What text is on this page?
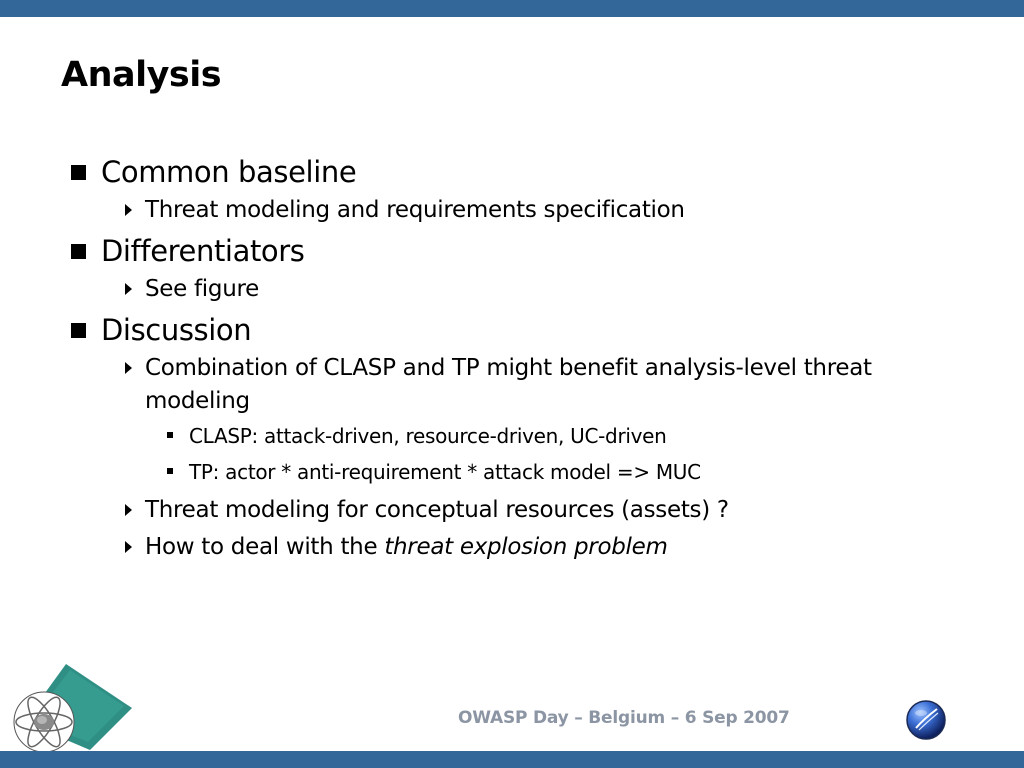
Analysis
Common baseline
Threat modeling and requirements specification
Differentiators
See figure
Discussion
Combination of CLASP and TP might benefit analysis-level threat
modeling
CLASP: attack-driven, resource-driven, UC-driven
TP: actor * anti-requirement * attack model => MUC
Threat modeling for conceptual resources (assets) ?
How to deal with the threat explosion problem
OWASP Day – Belgium – 6 Sep 2007
